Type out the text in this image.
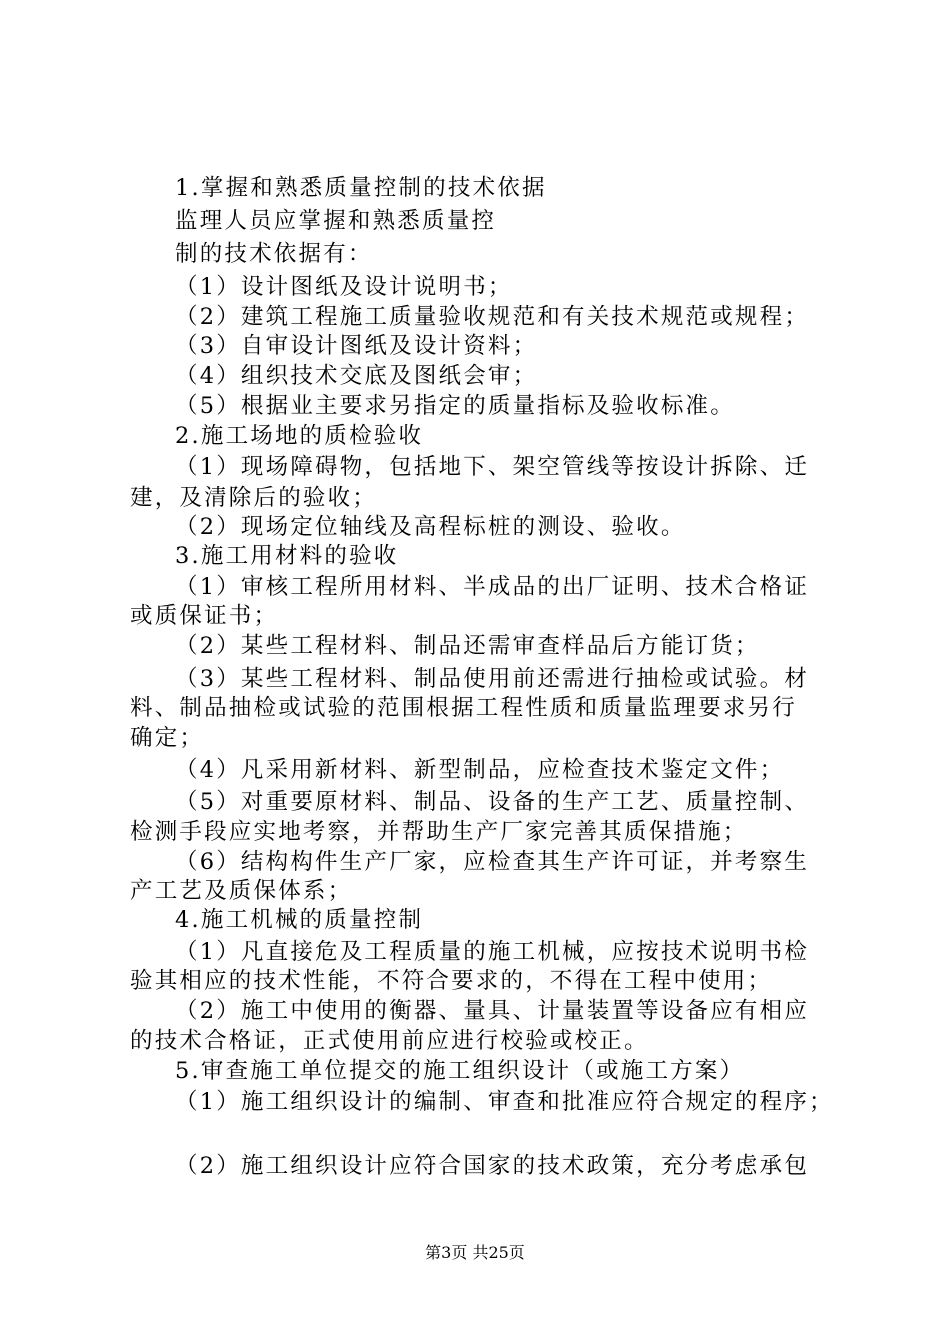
1.掌握和熟悉质量控制的技术依据
监理人员应掌握和熟悉质量控
制的技术依据有：
（1）设计图纸及设计说明书；
（2）建筑工程施工质量验收规范和有关技术规范或规程；
（3）自审设计图纸及设计资料；
（4）组织技术交底及图纸会审；
（5）根据业主要求另指定的质量指标及验收标准。
2.施工场地的质检验收
（1）现场障碍物，包括地下、架空管线等按设计拆除、迁
建，及清除后的验收；
（2）现场定位轴线及高程标桩的测设、验收。
3.施工用材料的验收
（1）审核工程所用材料、半成品的出厂证明、技术合格证
或质保证书；
（2）某些工程材料、制品还需审查样品后方能订货；
（3）某些工程材料、制品使用前还需进行抽检或试验。材
料、制品抽检或试验的范围根据工程性质和质量监理要求另行
确定；
（4）凡采用新材料、新型制品，应检查技术鉴定文件；
（5）对重要原材料、制品、设备的生产工艺、质量控制、
检测手段应实地考察，并帮助生产厂家完善其质保措施；
（6）结构构件生产厂家，应检查其生产许可证，并考察生
产工艺及质保体系；
4.施工机械的质量控制
（1）凡直接危及工程质量的施工机械，应按技术说明书检
验其相应的技术性能，不符合要求的，不得在工程中使用；
（2）施工中使用的衡器、量具、计量装置等设备应有相应
的技术合格证，正式使用前应进行校验或校正。
5.审查施工单位提交的施工组织设计（或施工方案）
（1）施工组织设计的编制、审查和批准应符合规定的程序；
（2）施工组织设计应符合国家的技术政策，充分考虑承包
第3页 共25页
